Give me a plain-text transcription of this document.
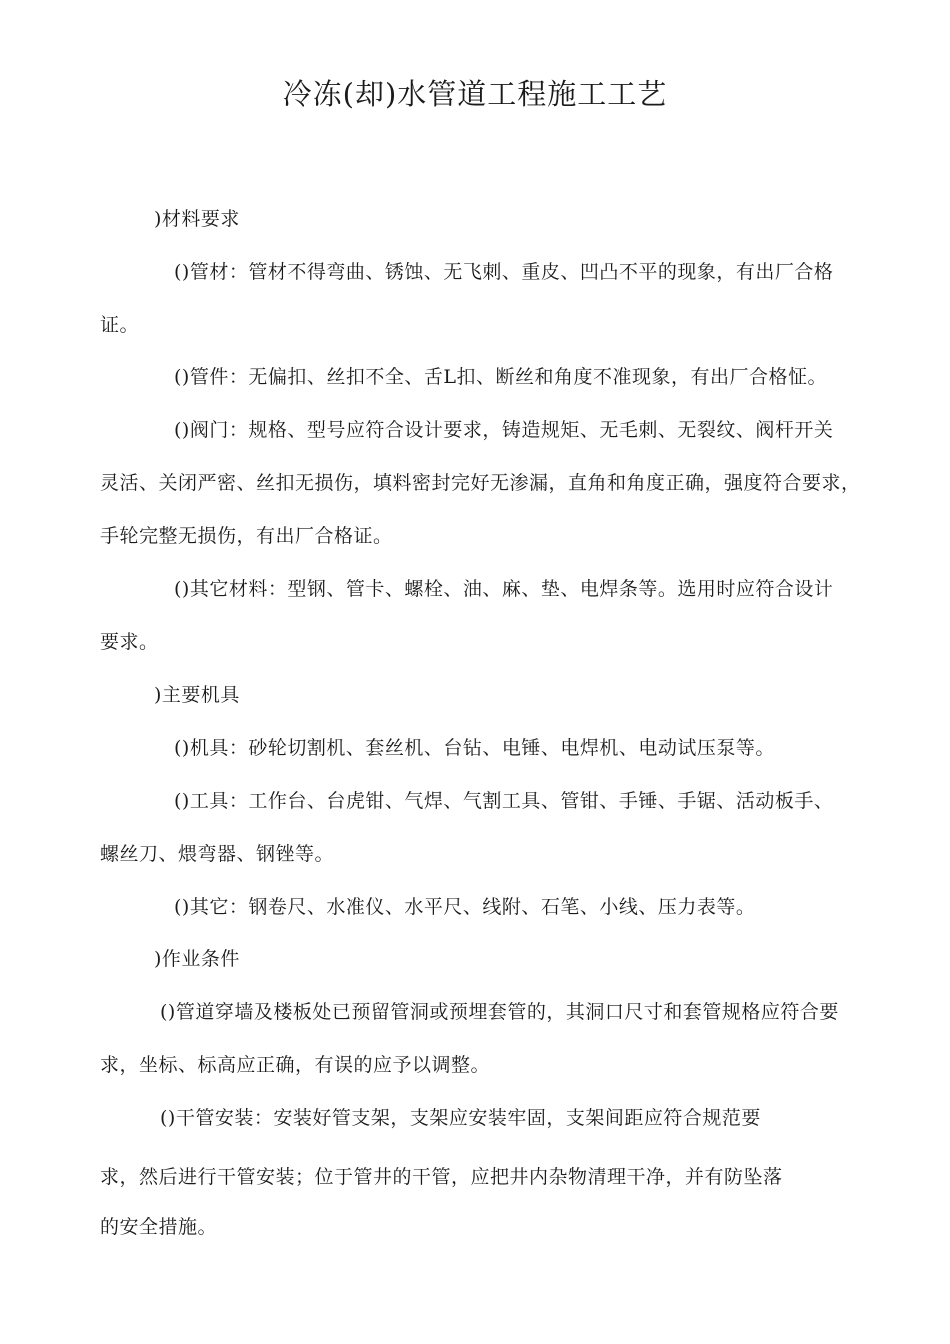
冷冻(却)水管道工程施工工艺

)材料要求

()管材：管材不得弯曲、锈蚀、无飞刺、重皮、凹凸不平的现象，有出厂合格

证。

()管件：无偏扣、丝扣不全、舌L扣、断丝和角度不准现象，有出厂合格怔。

()阀门：规格、型号应符合设计要求，铸造规矩、无毛刺、无裂纹、阀杆开关

灵活、关闭严密、丝扣无损伤，填料密封完好无渗漏，直角和角度正确，强度符合要求，

手轮完整无损伤，有出厂合格证。

()其它材料：型钢、管卡、螺栓、油、麻、垫、电焊条等。选用时应符合设计

要求。

)主要机具

()机具：砂轮切割机、套丝机、台钻、电锤、电焊机、电动试压泵等。

()工具：工作台、台虎钳、气焊、气割工具、管钳、手锤、手锯、活动板手、

螺丝刀、煨弯器、钢锉等。

()其它：钢卷尺、水准仪、水平尺、线附、石笔、小线、压力表等。

)作业条件

()管道穿墙及楼板处已预留管洞或预埋套管的，其洞口尺寸和套管规格应符合要

求，坐标、标高应正确，有误的应予以调整。

()干管安装：安装好管支架，支架应安装牢固，支架间距应符合规范要

求，然后进行干管安装；位于管井的干管，应把井内杂物清理干净，并有防坠落

的安全措施。
